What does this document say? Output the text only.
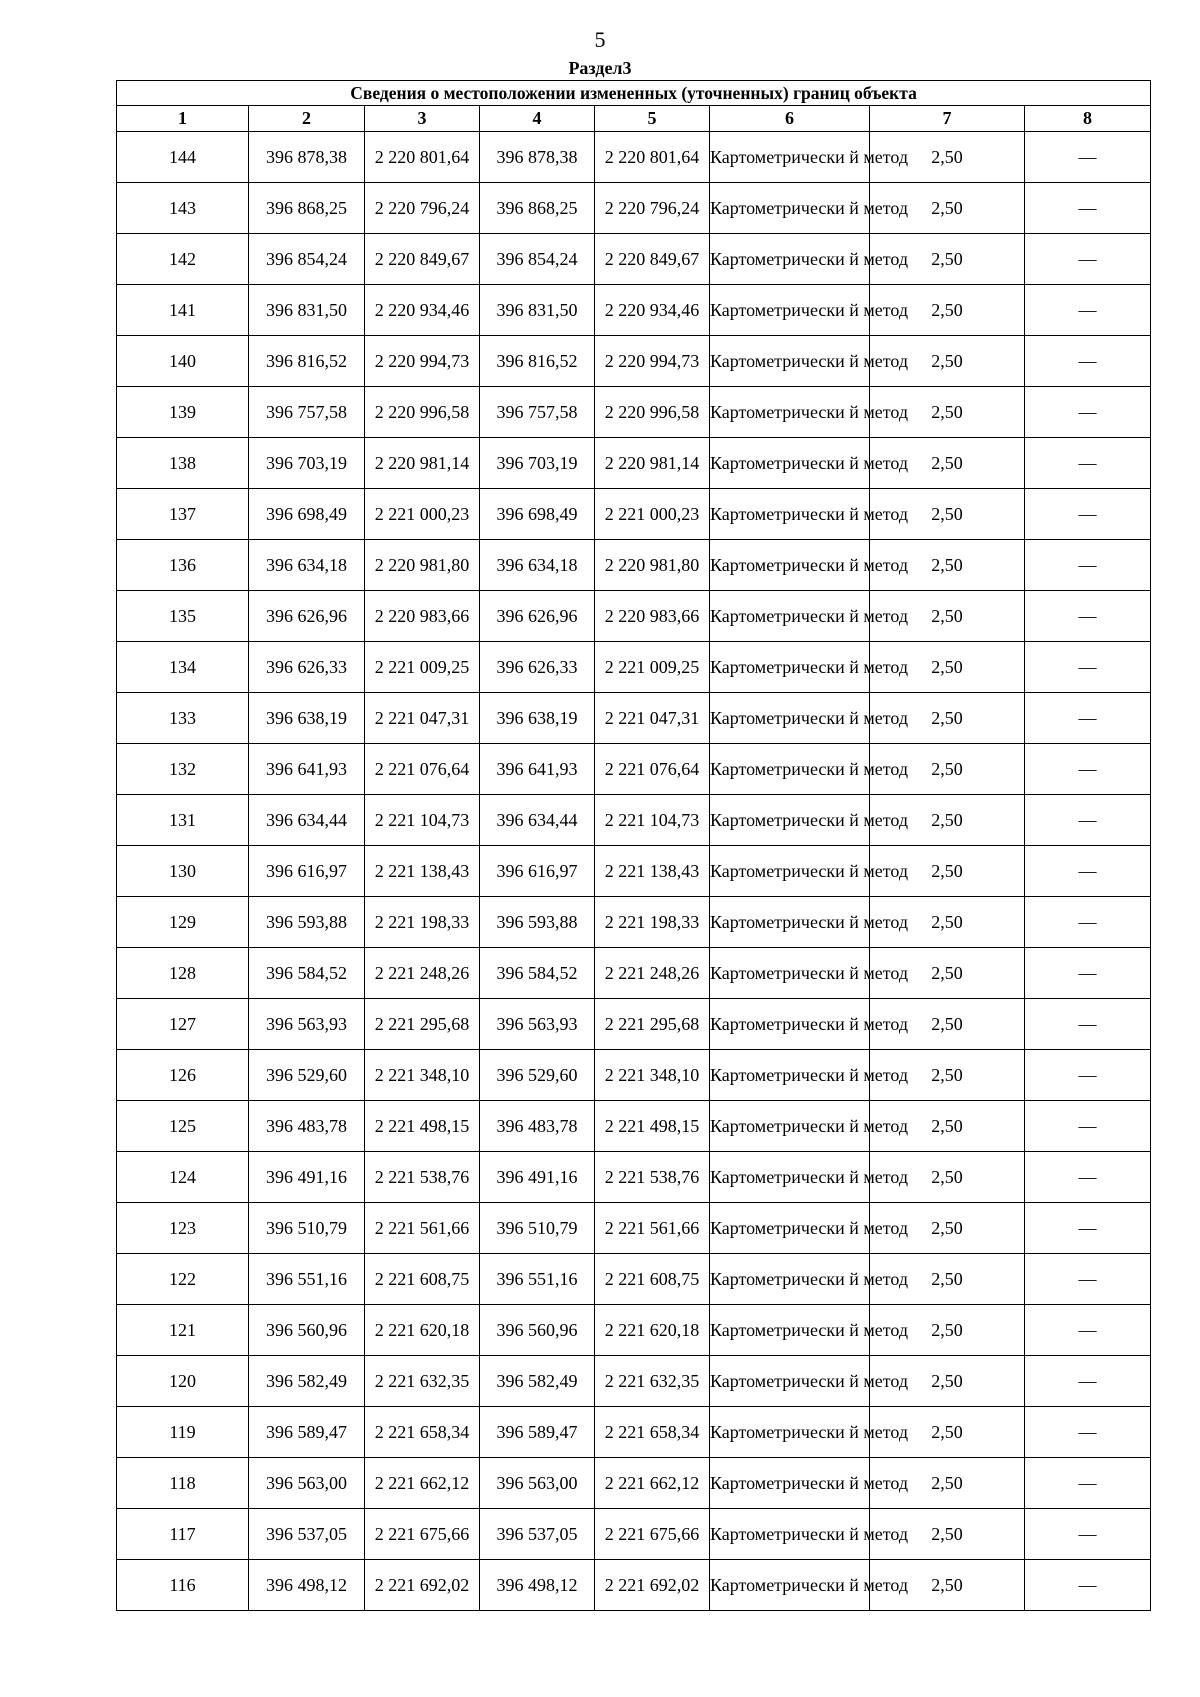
5
Раздел3
Сведения о местоположении измененных (уточненных) границ объекта							
1	2	3	4	5	6	7	8
144	396 878,38	2 220 801,64	396 878,38	2 220 801,64	Картометрически й метод	2,50	—
143	396 868,25	2 220 796,24	396 868,25	2 220 796,24	Картометрически й метод	2,50	—
142	396 854,24	2 220 849,67	396 854,24	2 220 849,67	Картометрически й метод	2,50	—
141	396 831,50	2 220 934,46	396 831,50	2 220 934,46	Картометрически й метод	2,50	—
140	396 816,52	2 220 994,73	396 816,52	2 220 994,73	Картометрически й метод	2,50	—
139	396 757,58	2 220 996,58	396 757,58	2 220 996,58	Картометрически й метод	2,50	—
138	396 703,19	2 220 981,14	396 703,19	2 220 981,14	Картометрически й метод	2,50	—
137	396 698,49	2 221 000,23	396 698,49	2 221 000,23	Картометрически й метод	2,50	—
136	396 634,18	2 220 981,80	396 634,18	2 220 981,80	Картометрически й метод	2,50	—
135	396 626,96	2 220 983,66	396 626,96	2 220 983,66	Картометрически й метод	2,50	—
134	396 626,33	2 221 009,25	396 626,33	2 221 009,25	Картометрически й метод	2,50	—
133	396 638,19	2 221 047,31	396 638,19	2 221 047,31	Картометрически й метод	2,50	—
132	396 641,93	2 221 076,64	396 641,93	2 221 076,64	Картометрически й метод	2,50	—
131	396 634,44	2 221 104,73	396 634,44	2 221 104,73	Картометрически й метод	2,50	—
130	396 616,97	2 221 138,43	396 616,97	2 221 138,43	Картометрически й метод	2,50	—
129	396 593,88	2 221 198,33	396 593,88	2 221 198,33	Картометрически й метод	2,50	—
128	396 584,52	2 221 248,26	396 584,52	2 221 248,26	Картометрически й метод	2,50	—
127	396 563,93	2 221 295,68	396 563,93	2 221 295,68	Картометрически й метод	2,50	—
126	396 529,60	2 221 348,10	396 529,60	2 221 348,10	Картометрически й метод	2,50	—
125	396 483,78	2 221 498,15	396 483,78	2 221 498,15	Картометрически й метод	2,50	—
124	396 491,16	2 221 538,76	396 491,16	2 221 538,76	Картометрически й метод	2,50	—
123	396 510,79	2 221 561,66	396 510,79	2 221 561,66	Картометрически й метод	2,50	—
122	396 551,16	2 221 608,75	396 551,16	2 221 608,75	Картометрически й метод	2,50	—
121	396 560,96	2 221 620,18	396 560,96	2 221 620,18	Картометрически й метод	2,50	—
120	396 582,49	2 221 632,35	396 582,49	2 221 632,35	Картометрически й метод	2,50	—
119	396 589,47	2 221 658,34	396 589,47	2 221 658,34	Картометрически й метод	2,50	—
118	396 563,00	2 221 662,12	396 563,00	2 221 662,12	Картометрически й метод	2,50	—
117	396 537,05	2 221 675,66	396 537,05	2 221 675,66	Картометрически й метод	2,50	—
116	396 498,12	2 221 692,02	396 498,12	2 221 692,02	Картометрически й метод	2,50	—
